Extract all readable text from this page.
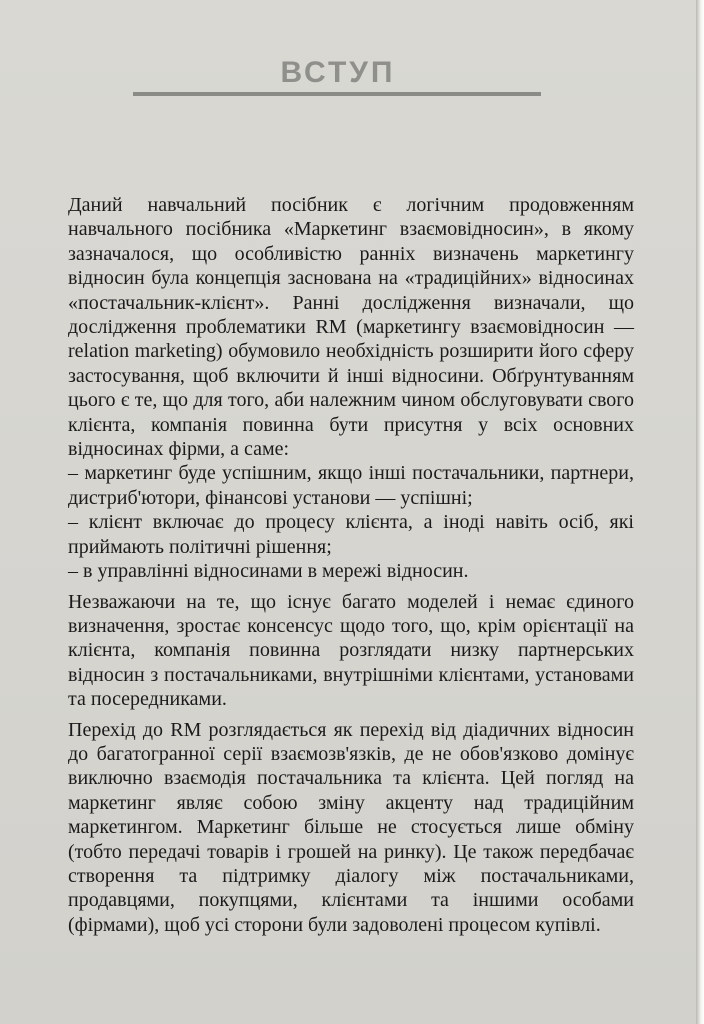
ВСТУП

Даний навчальний посібник є логічним продовженням навчального посібника «Маркетинг взаємовідносин», в якому зазначалося, що особливістю ранніх визначень маркетингу відносин була концепція заснована на «традиційних» відносинах «постачальник-клієнт». Ранні дослідження визначали, що дослідження проблематики RM (маркетингу взаємовідносин — relation marketing) обумовило необхідність розширити його сферу застосування, щоб включити й інші відносини. Обґрунтуванням цього є те, що для того, аби належним чином обслуговувати свого клієнта, компанія повинна бути присутня у всіх основних відносинах фірми, а саме:

– маркетинг буде успішним, якщо інші постачальники, партнери, дистриб'ютори, фінансові установи — успішні;

– клієнт включає до процесу клієнта, а іноді навіть осіб, які приймають політичні рішення;

– в управлінні відносинами в мережі відносин.

Незважаючи на те, що існує багато моделей і немає єдиного визначення, зростає консенсус щодо того, що, крім орієнтації на клієнта, компанія повинна розглядати низку партнерських відносин з постачальниками, внутрішніми клієнтами, установами та посередниками.

Перехід до RM розглядається як перехід від діадичних відносин до багатогранної серії взаємозв'язків, де не обов'язково домінує виключно взаємодія постачальника та клієнта. Цей погляд на маркетинг являє собою зміну акценту над традиційним маркетингом. Маркетинг більше не стосується лише обміну (тобто передачі товарів і грошей на ринку). Це також передбачає створення та підтримку діалогу між постачальниками, продавцями, покупцями, клієнтами та іншими особами (фірмами), щоб усі сторони були задоволені процесом купівлі.
